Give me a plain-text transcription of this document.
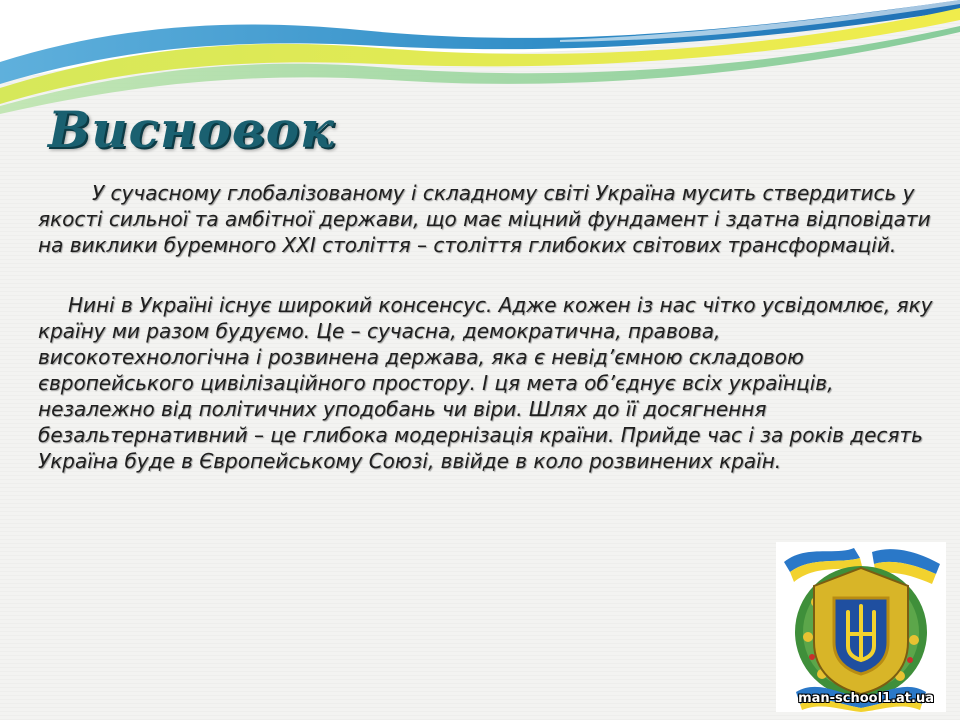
Висновок

У сучасному глобалізованому і складному світі Україна мусить ствердитись у якості сильної та амбітної держави, що має міцний фундамент і здатна відповідати на виклики буремного XXI століття – століття глибоких світових трансформацій.

Нині в Україні існує широкий консенсус. Адже кожен із нас чітко усвідомлює, яку країну ми разом будуємо. Це – сучасна, демократична, правова, високотехнологічна і розвинена держава, яка є невід’ємною складовою європейського цивілізаційного простору. І ця мета об’єднує всіх українців, незалежно від політичних уподобань чи віри. Шлях до її досягнення безальтернативний – це глибока модернізація країни. Прийде час і за років десять Україна буде в Європейському Союзі, ввійде в коло розвинених країн.

man-school1.at.ua
